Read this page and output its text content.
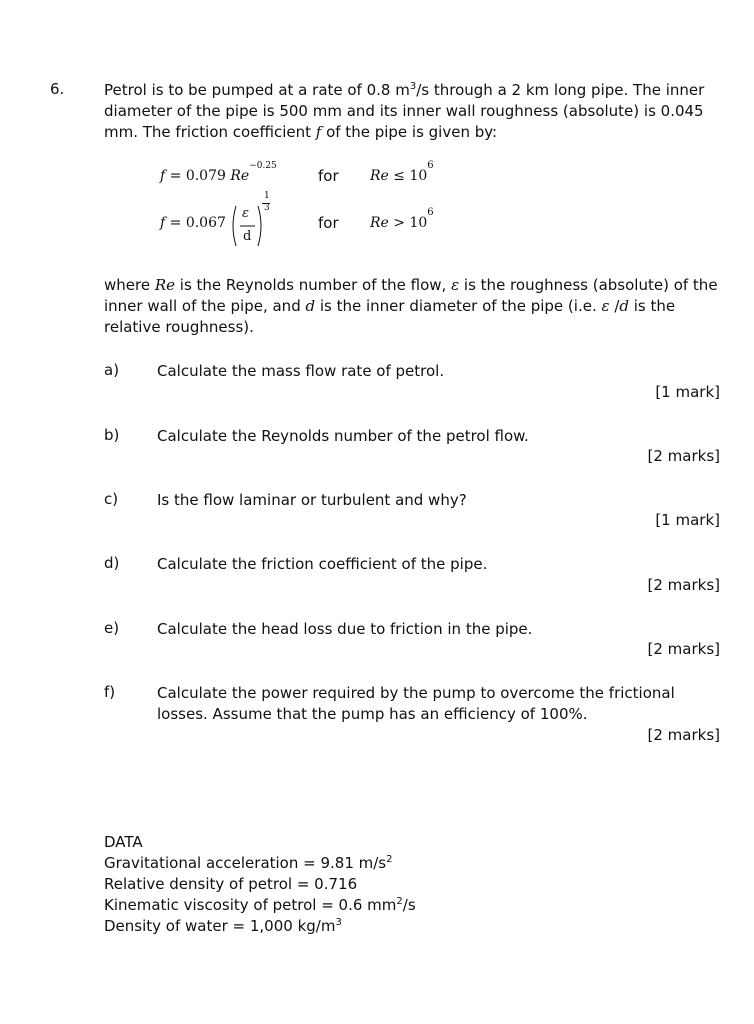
6.	Petrol is to be pumped at a rate of 0.8 $m^3/s$ through a 2 km long pipe. The inner diameter of the pipe is 500 mm and its inner wall roughness (absolute) is 0.045 mm. The friction coefficient f of the pipe is given by:
f = 0.079 $Re^{-0.25}$
for $Re \le 10^6$
f = 0.067
ε
d
1
3
for $Re > 10^6$
where Re is the Reynolds number of the flow, ε is the roughness (absolute) of the inner wall of the pipe, and d is the inner diameter of the pipe (i.e. ε /d is the relative roughness).
a)	Calculate the mass flow rate of petrol.
[1 mark]
b)	Calculate the Reynolds number of the petrol flow.
[2 marks]
c)	Is the flow laminar or turbulent and why?
[1 mark]
d)	Calculate the friction coefficient of the pipe.
[2 marks]
e)	Calculate the head loss due to friction in the pipe.
[2 marks]
f)	Calculate the power required by the pump to overcome the frictional losses. Assume that the pump has an efficiency of 100%.
[2 marks]
DATA
Gravitational acceleration = 9.81 $m/s^2$
Relative density of petrol = 0.716
Kinematic viscosity of petrol = 0.6 $mm^2/s$
Density of water = 1,000 $kg/m^3$
